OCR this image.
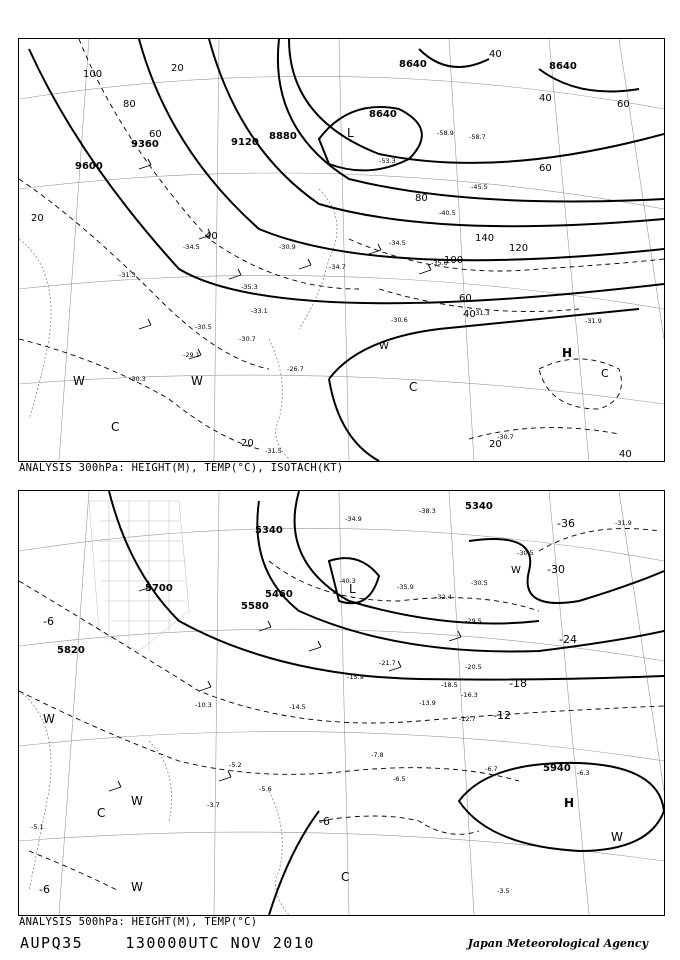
9600
9360	9120
8880
8640
8640	8640
100
80
60
40
20
20
40
60
140
120
100
80
60
40
20
40
20
40
60
L
H
C
C
C
W	W
W
-31.3
-29.1
-30.3
-26.7
-34.5
-35.3
-33.1
-30.5
-30.7
-30.6
-31.3
-31.9
-30.7
-31.5
-58.9 -58.7
-53.3
-45.5
-40.5
-34.5
-34.7
-30.9
-35.6
ANALYSIS 300hPa: HEIGHT(M), TEMP(°C), ISOTACH(KT)
5340
5340
5460
5580
5700
5820
5940
-36
-30
-24
-18
-12
-6
-6
-6
L
H
C
C
W
W
W
W
W
-38.3
-34.9	-31.9
-30.5
-30.5
-35.9
-40.3
-32.4
-29.5
-21.7	-20.5
-18.5
-16.3
-15.9
-14.5	-13.9
-12.7
-10.3
-7.8
-6.5
-5.6
-5.2
-5.1
-3.7
-6.7	-6.3
-3.5
ANALYSIS 500hPa: HEIGHT(M), TEMP(°C)
AUPQ35	130000UTC NOV 2010	Japan Meteorological Agency
